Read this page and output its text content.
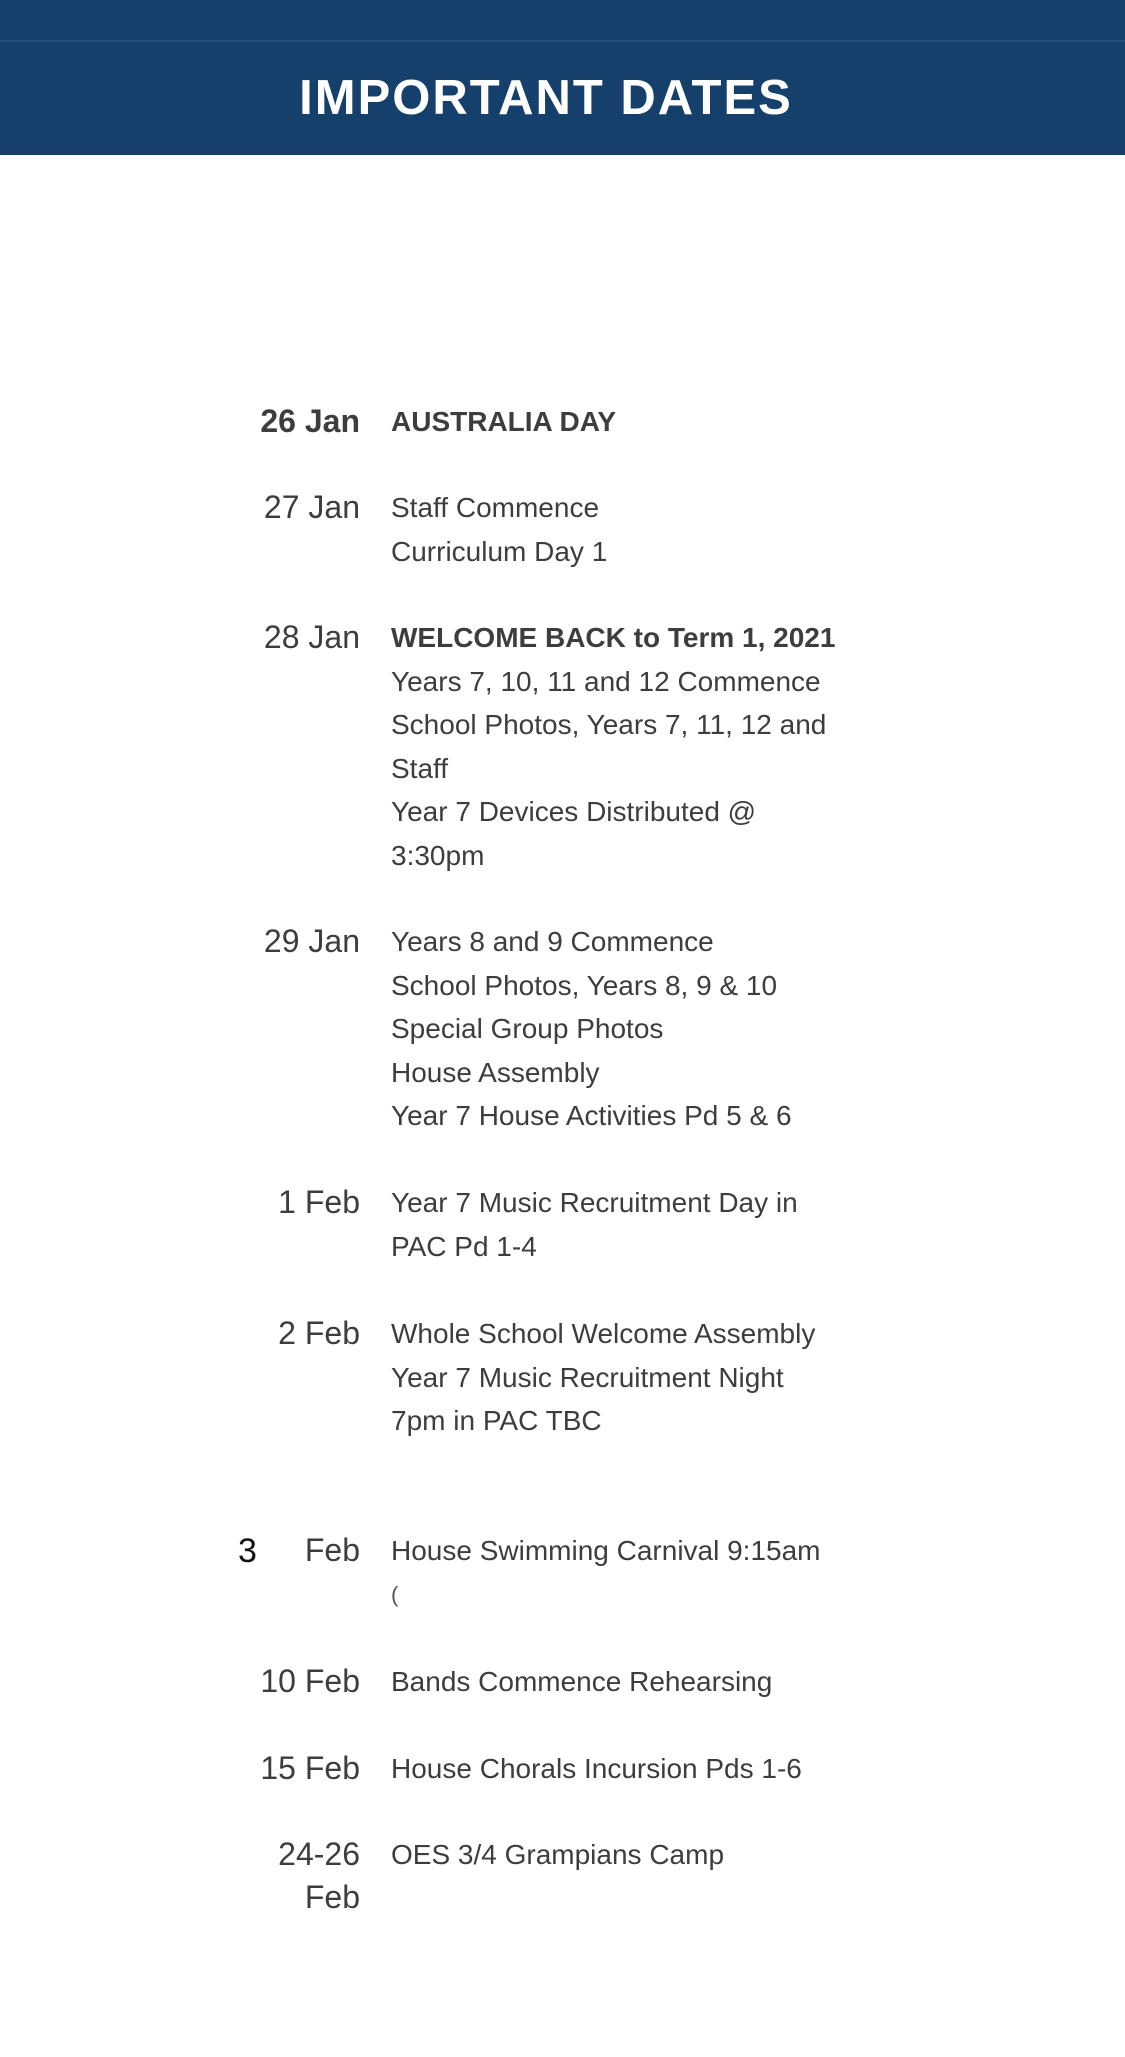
IMPORTANT DATES
26 Jan AUSTRALIA DAY
27 Jan Staff Commence
Curriculum Day 1
28 Jan WELCOME BACK to Term 1, 2021
Years 7, 10, 11 and 12 Commence
School Photos, Years 7, 11, 12 and
Staff
Year 7 Devices Distributed @
3:30pm
29 Jan Years 8 and 9 Commence
School Photos, Years 8, 9 & 10
Special Group Photos
House Assembly
Year 7 House Activities Pd 5 & 6
1 Feb Year 7 Music Recruitment Day in
PAC Pd 1-4
2 Feb Whole School Welcome Assembly
Year 7 Music Recruitment Night
7pm in PAC TBC
Feb House Swimming Carnival 9:15am
3
(
10 Feb Bands Commence Rehearsing
15 Feb House Chorals Incursion Pds 1-6
24-26
Feb
OES 3/4 Grampians Camp
